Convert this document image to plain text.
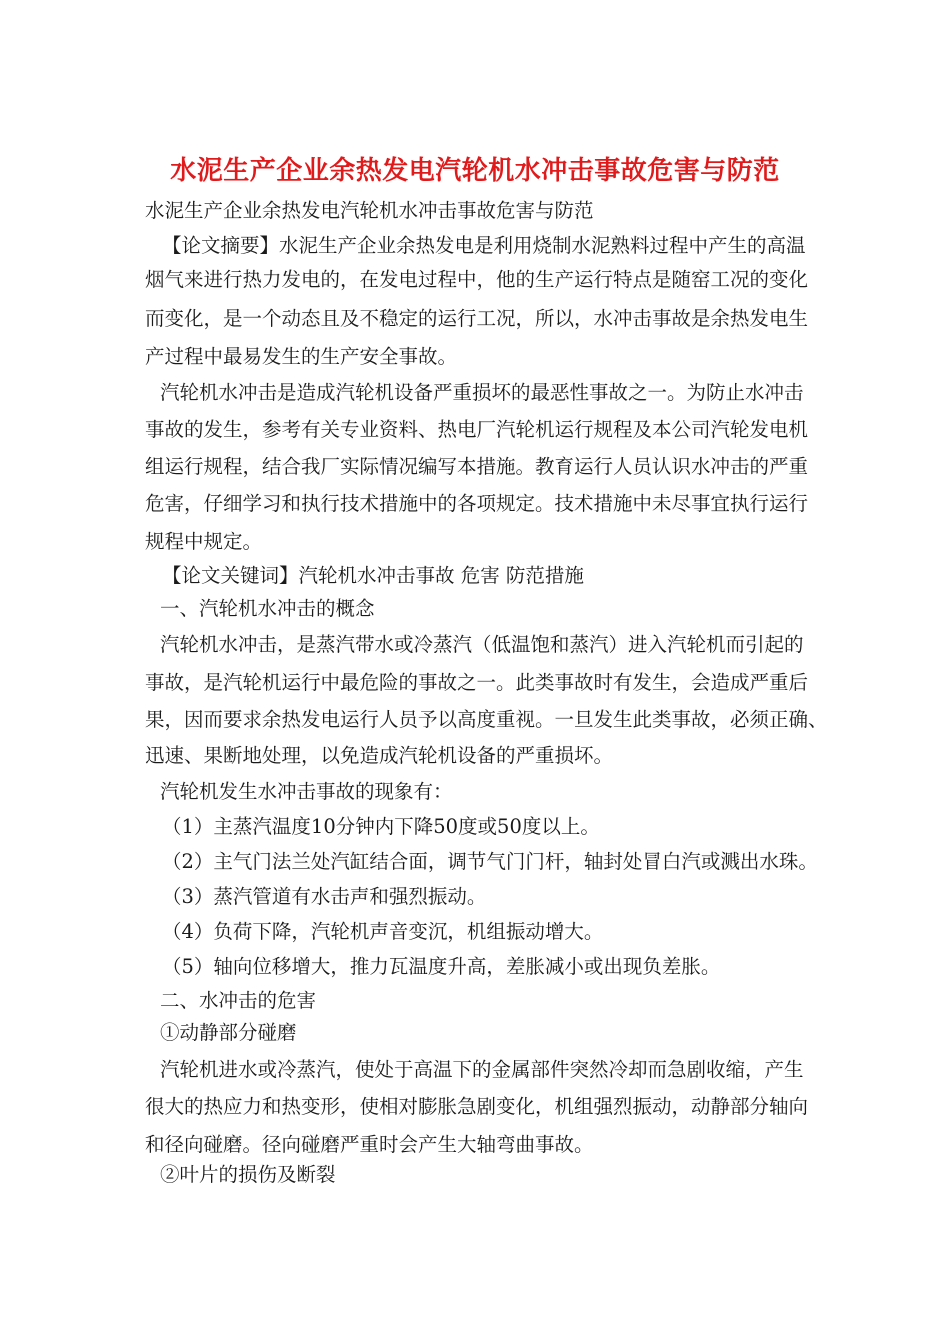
水泥生产企业余热发电汽轮机水冲击事故危害与防范
水泥生产企业余热发电汽轮机水冲击事故危害与防范
【论文摘要】水泥生产企业余热发电是利用烧制水泥熟料过程中产生的高温
烟气来进行热力发电的，在发电过程中，他的生产运行特点是随窑工况的变化
而变化，是一个动态且及不稳定的运行工况，所以，水冲击事故是余热发电生
产过程中最易发生的生产安全事故。
汽轮机水冲击是造成汽轮机设备严重损坏的最恶性事故之一。为防止水冲击
事故的发生，参考有关专业资料、热电厂汽轮机运行规程及本公司汽轮发电机
组运行规程，结合我厂实际情况编写本措施。教育运行人员认识水冲击的严重
危害，仔细学习和执行技术措施中的各项规定。技术措施中未尽事宜执行运行
规程中规定。
【论文关键词】汽轮机水冲击事故 危害 防范措施
一、汽轮机水冲击的概念
汽轮机水冲击，是蒸汽带水或冷蒸汽（低温饱和蒸汽）进入汽轮机而引起的
事故，是汽轮机运行中最危险的事故之一。此类事故时有发生，会造成严重后
果，因而要求余热发电运行人员予以高度重视。一旦发生此类事故，必须正确、
迅速、果断地处理，以免造成汽轮机设备的严重损坏。
汽轮机发生水冲击事故的现象有：
（1）主蒸汽温度10分钟内下降50度或50度以上。
（2）主气门法兰处汽缸结合面，调节气门门杆，轴封处冒白汽或溅出水珠。
（3）蒸汽管道有水击声和强烈振动。
（4）负荷下降，汽轮机声音变沉，机组振动增大。
（5）轴向位移增大，推力瓦温度升高，差胀减小或出现负差胀。
二、水冲击的危害
①动静部分碰磨
汽轮机进水或冷蒸汽，使处于高温下的金属部件突然冷却而急剧收缩，产生
很大的热应力和热变形，使相对膨胀急剧变化，机组强烈振动，动静部分轴向
和径向碰磨。径向碰磨严重时会产生大轴弯曲事故。
②叶片的损伤及断裂
